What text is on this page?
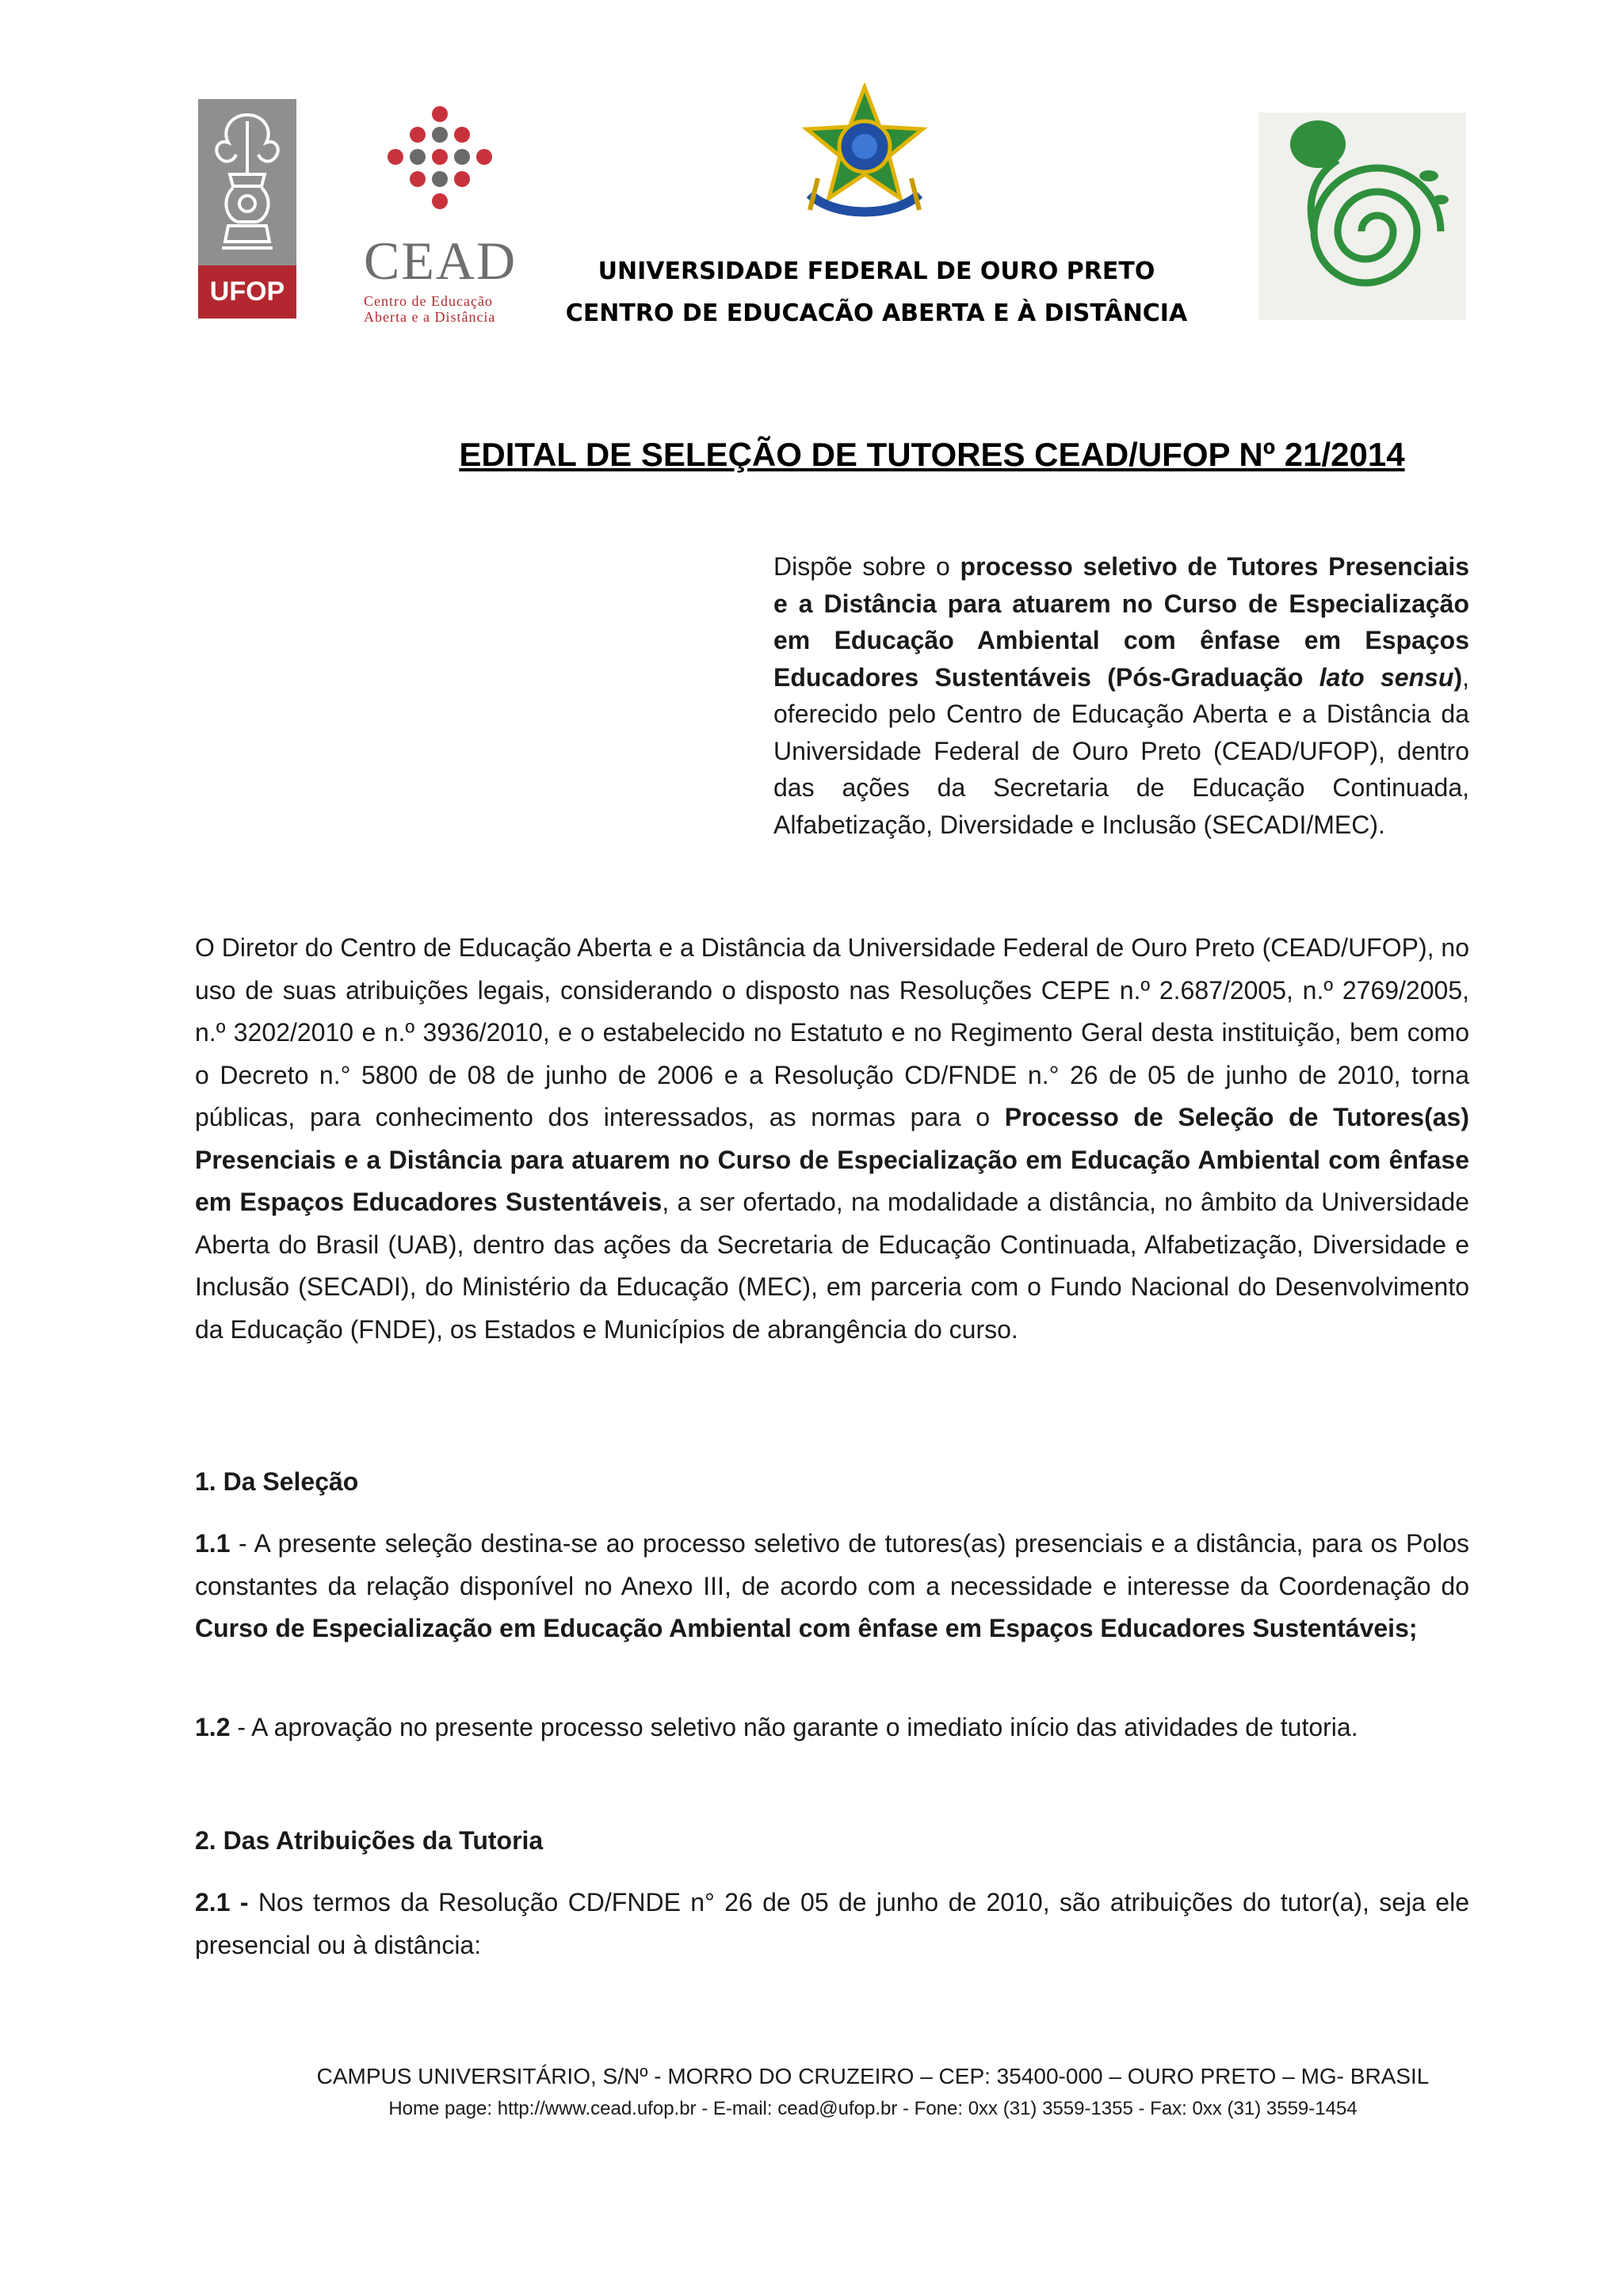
UFOP
CEAD
Centro de Educação
Aberta e a Distância
UNIVERSIDADE FEDERAL DE OURO PRETO
CENTRO DE EDUCACÃO ABERTA E À DISTÂNCIA
EDITAL DE SELEÇÃO DE TUTORES CEAD/UFOP Nº 21/2014
Dispõe sobre o processo seletivo de Tutores Presenciais e a Distância para atuarem no Curso de Especialização em Educação Ambiental com ênfase em Espaços Educadores Sustentáveis (Pós-Graduação lato sensu), oferecido pelo Centro de Educação Aberta e a Distância da Universidade Federal de Ouro Preto (CEAD/UFOP), dentro das ações da Secretaria de Educação Continuada, Alfabetização, Diversidade e Inclusão (SECADI/MEC).
O Diretor do Centro de Educação Aberta e a Distância da Universidade Federal de Ouro Preto (CEAD/UFOP), no uso de suas atribuições legais, considerando o disposto nas Resoluções CEPE n.º 2.687/2005, n.º 2769/2005, n.º 3202/2010 e n.º 3936/2010, e o estabelecido no Estatuto e no Regimento Geral desta instituição, bem como o Decreto n.° 5800 de 08 de junho de 2006 e a Resolução CD/FNDE n.° 26 de 05 de junho de 2010, torna públicas, para conhecimento dos interessados, as normas para o Processo de Seleção de Tutores(as) Presenciais e a Distância para atuarem no Curso de Especialização em Educação Ambiental com ênfase em Espaços Educadores Sustentáveis, a ser ofertado, na modalidade a distância, no âmbito da Universidade Aberta do Brasil (UAB), dentro das ações da Secretaria de Educação Continuada, Alfabetização, Diversidade e Inclusão (SECADI), do Ministério da Educação (MEC), em parceria com o Fundo Nacional do Desenvolvimento da Educação (FNDE), os Estados e Municípios de abrangência do curso.
1. Da Seleção
1.1 - A presente seleção destina-se ao processo seletivo de tutores(as) presenciais e a distância, para os Polos constantes da relação disponível no Anexo III, de acordo com a necessidade e interesse da Coordenação do Curso de Especialização em Educação Ambiental com ênfase em Espaços Educadores Sustentáveis;
1.2 - A aprovação no presente processo seletivo não garante o imediato início das atividades de tutoria.
2. Das Atribuições da Tutoria
2.1 - Nos termos da Resolução CD/FNDE n° 26 de 05 de junho de 2010, são atribuições do tutor(a), seja ele presencial ou à distância:
CAMPUS UNIVERSITÁRIO, S/Nº - MORRO DO CRUZEIRO – CEP: 35400-000 – OURO PRETO – MG- BRASIL
Home page: http://www.cead.ufop.br - E-mail: cead@ufop.br - Fone: 0xx (31) 3559-1355 - Fax: 0xx (31) 3559-1454
